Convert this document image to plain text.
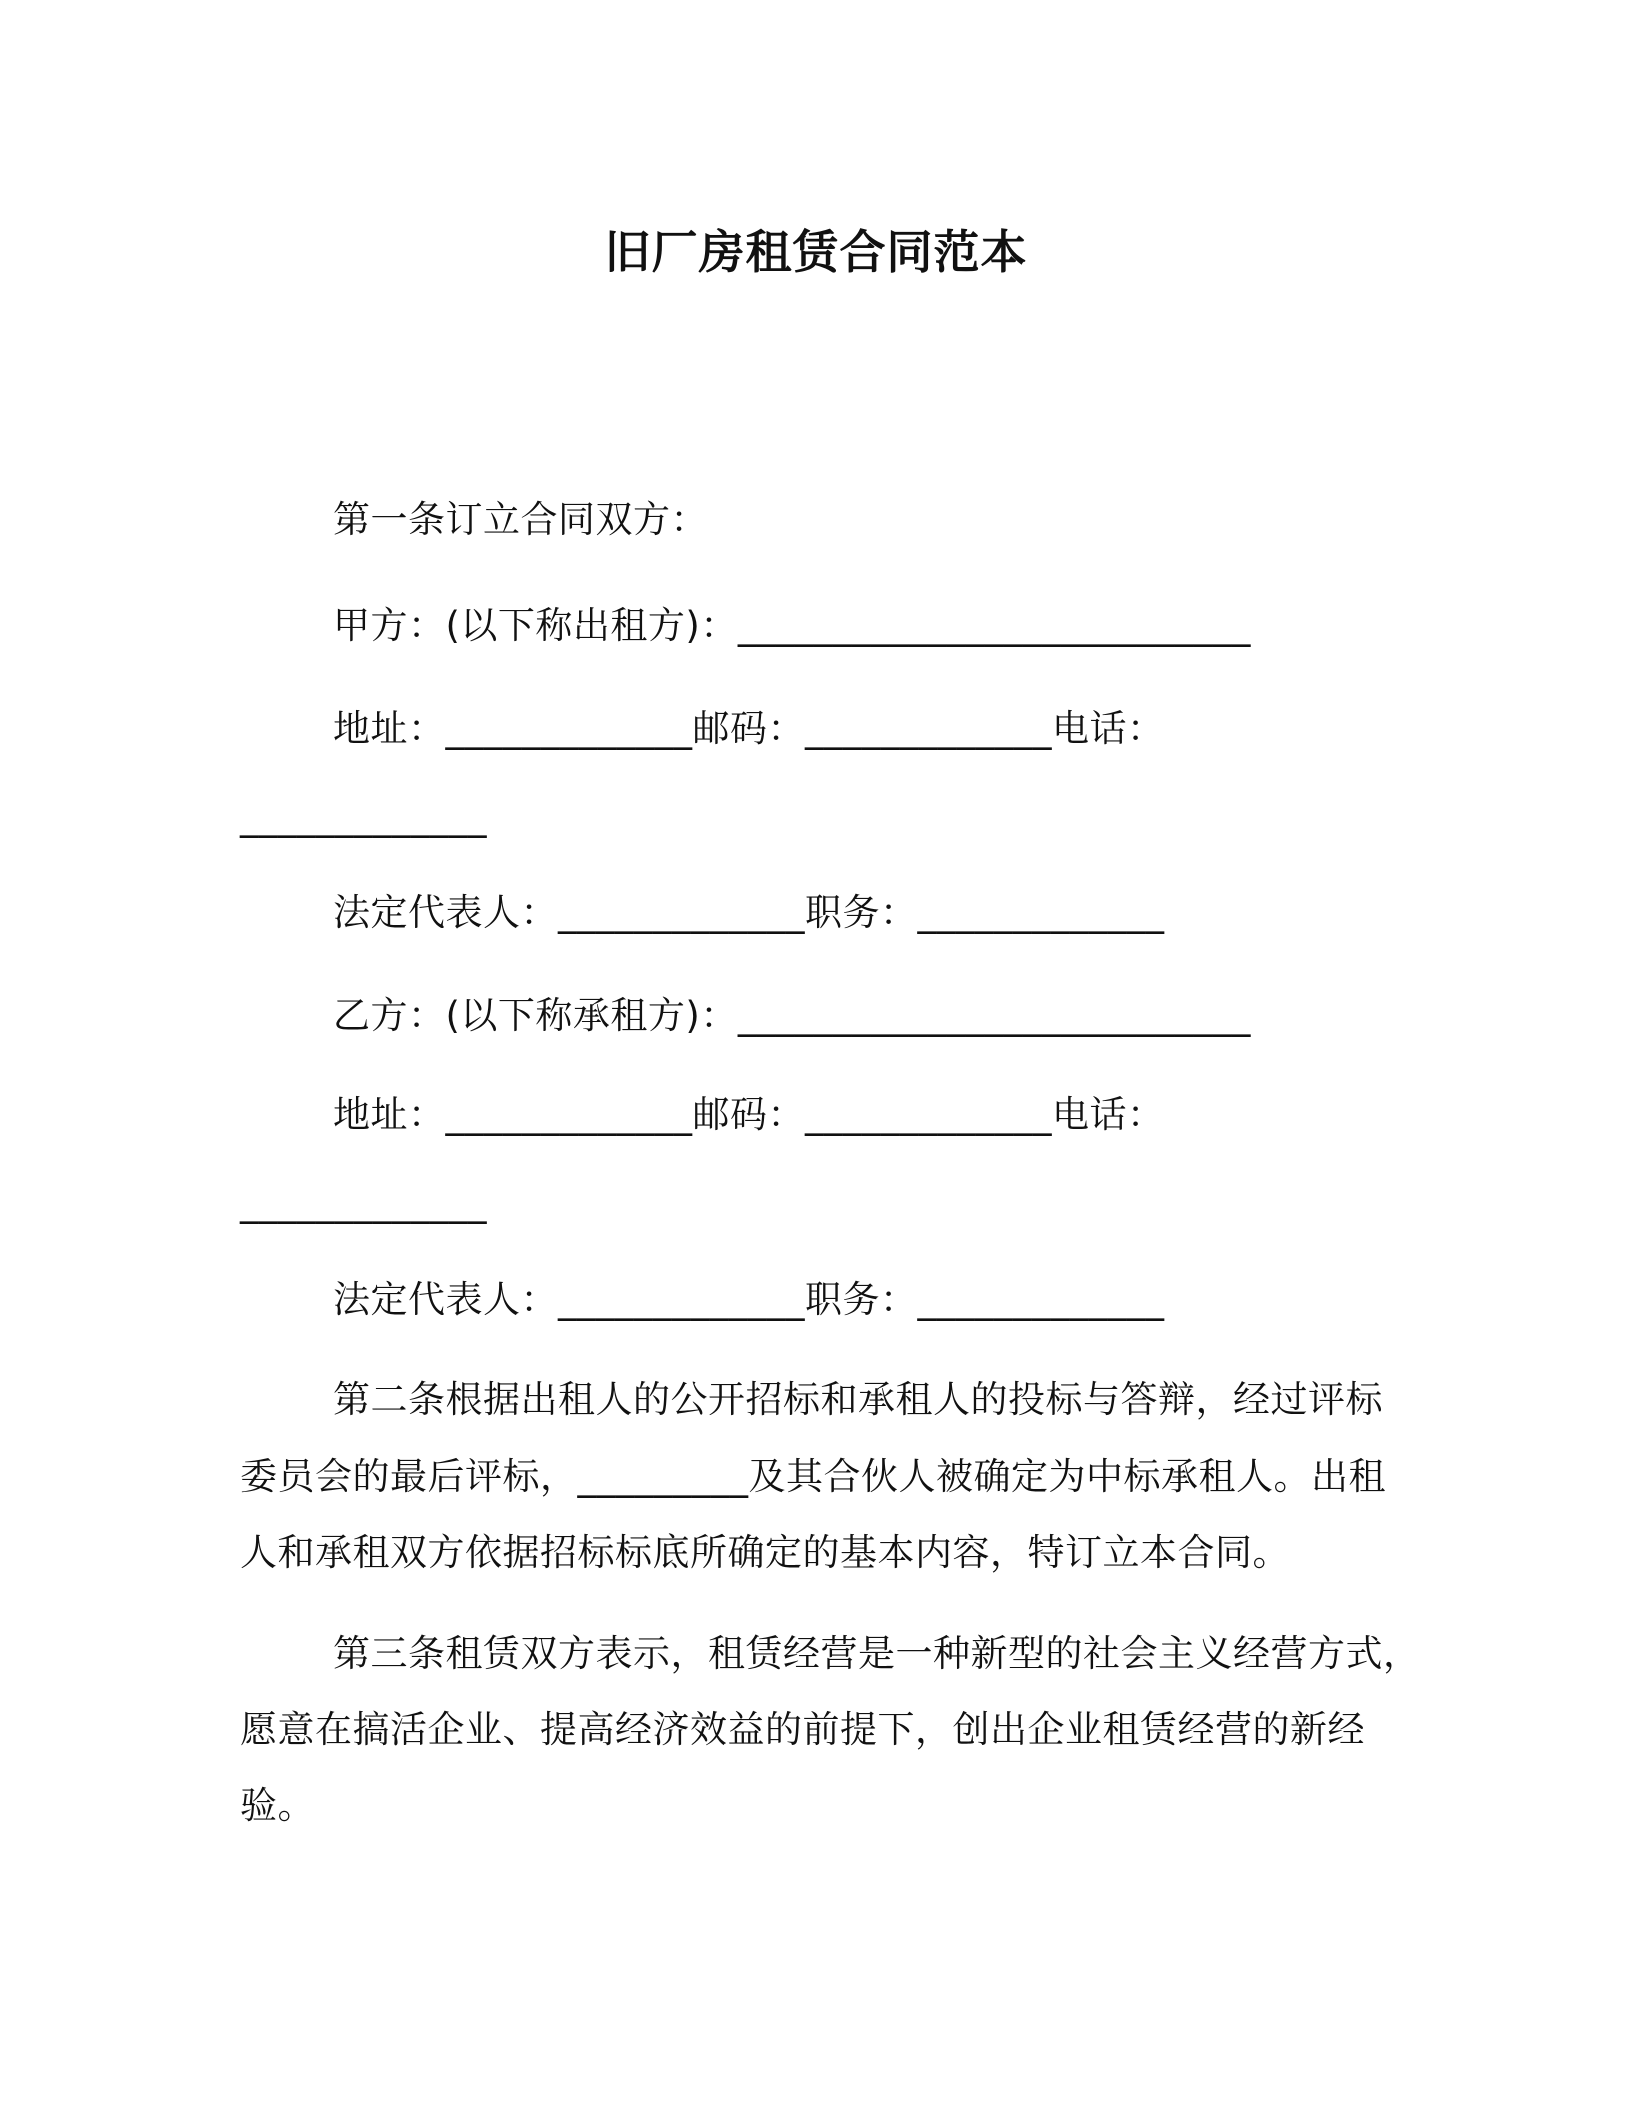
旧厂房租赁合同范本
第一条订立合同双方：
甲方：(以下称出租方)：___________________________
地址：_____________邮码：_____________电话：
_____________
法定代表人：_____________职务：_____________
乙方：(以下称承租方)：___________________________
地址：_____________邮码：_____________电话：
_____________
法定代表人：_____________职务：_____________
第二条根据出租人的公开招标和承租人的投标与答辩，经过评标
委员会的最后评标，_________及其合伙人被确定为中标承租人。出租
人和承租双方依据招标标底所确定的基本内容，特订立本合同。
第三条租赁双方表示，租赁经营是一种新型的社会主义经营方式，
愿意在搞活企业、提高经济效益的前提下，创出企业租赁经营的新经
验。
